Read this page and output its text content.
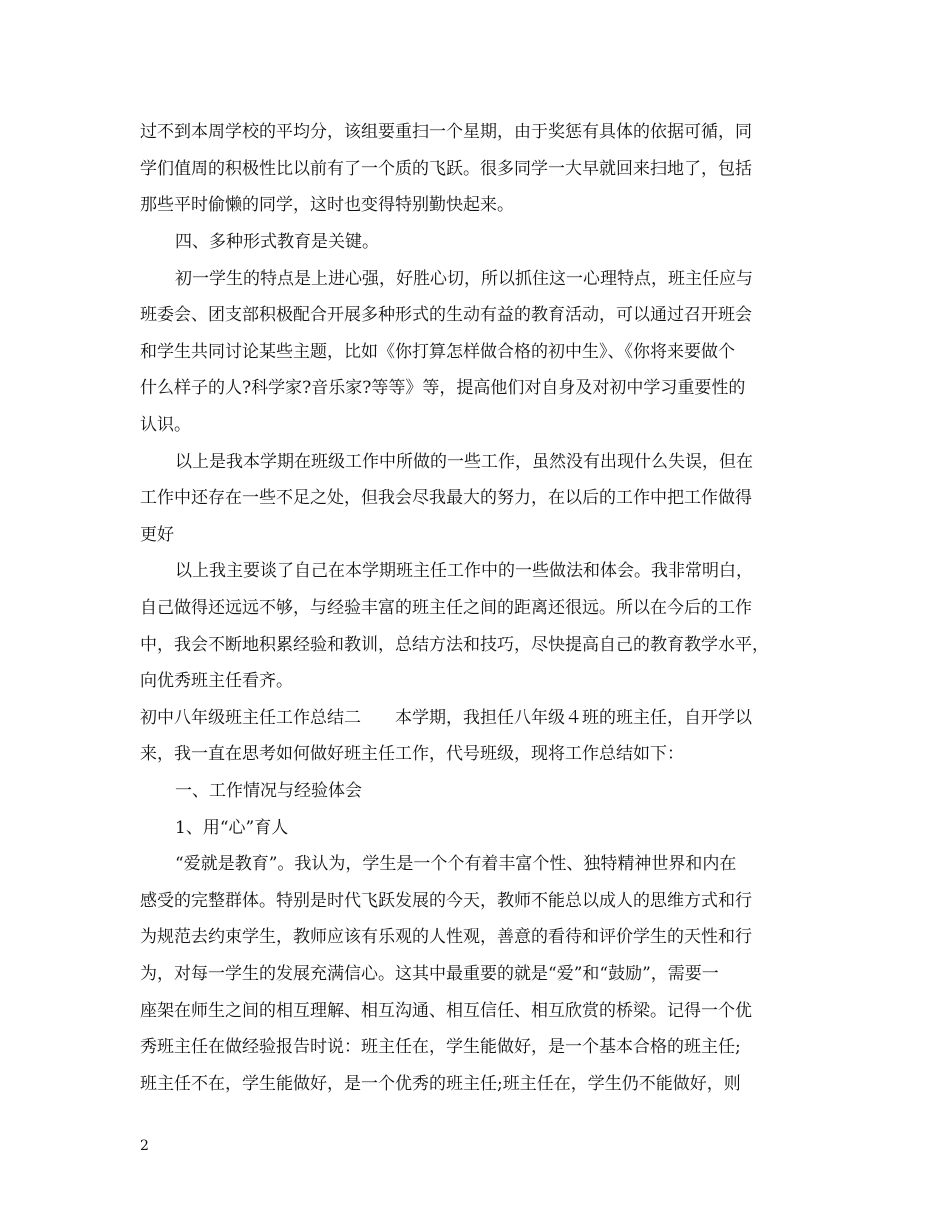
过不到本周学校的平均分，该组要重扫一个星期，由于奖惩有具体的依据可循，同
学们值周的积极性比以前有了一个质的飞跃。很多同学一大早就回来扫地了，包括
那些平时偷懒的同学，这时也变得特别勤快起来。
四、多种形式教育是关键。
初一学生的特点是上进心强，好胜心切，所以抓住这一心理特点，班主任应与
班委会、团支部积极配合开展多种形式的生动有益的教育活动，可以通过召开班会
和学生共同讨论某些主题，比如《你打算怎样做合格的初中生》、《你将来要做个
什么样子的人?科学家?音乐家?等等》等，提高他们对自身及对初中学习重要性的
认识。
以上是我本学期在班级工作中所做的一些工作，虽然没有出现什么失误，但在
工作中还存在一些不足之处，但我会尽我最大的努力，在以后的工作中把工作做得
更好
以上我主要谈了自己在本学期班主任工作中的一些做法和体会。我非常明白，
自己做得还远远不够，与经验丰富的班主任之间的距离还很远。所以在今后的工作
中，我会不断地积累经验和教训，总结方法和技巧，尽快提高自己的教育教学水平，
向优秀班主任看齐。
初中八年级班主任工作总结二　　本学期，我担任八年级４班的班主任，自开学以
来，我一直在思考如何做好班主任工作，代号班级，现将工作总结如下：
一、工作情况与经验体会
1、用“心”育人
“爱就是教育”。我认为，学生是一个个有着丰富个性、独特精神世界和内在
感受的完整群体。特别是时代飞跃发展的今天，教师不能总以成人的思维方式和行
为规范去约束学生，教师应该有乐观的人性观，善意的看待和评价学生的天性和行
为，对每一学生的发展充满信心。这其中最重要的就是“爱”和“鼓励”，需要一
座架在师生之间的相互理解、相互沟通、相互信任、相互欣赏的桥梁。记得一个优
秀班主任在做经验报告时说：班主任在，学生能做好，是一个基本合格的班主任;
班主任不在，学生能做好，是一个优秀的班主任;班主任在，学生仍不能做好，则
2
